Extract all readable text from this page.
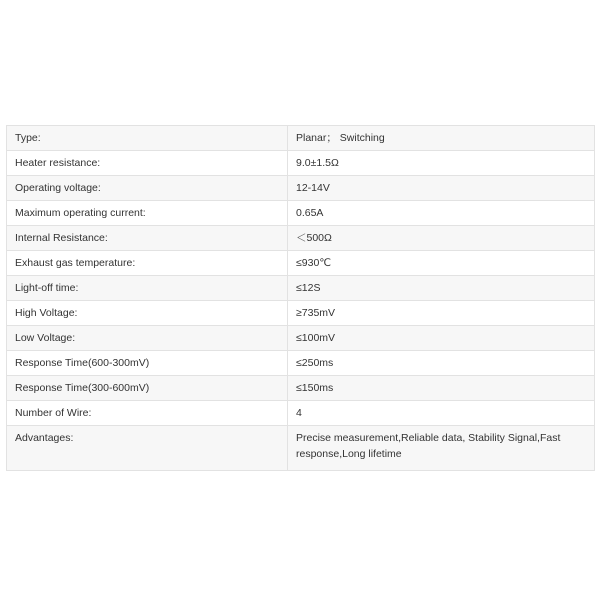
Type:	Planar； Switching
Heater resistance:	9.0±1.5Ω
Operating voltage:	12-14V
Maximum operating current:	0.65A
Internal Resistance:	＜500Ω
Exhaust gas temperature:	≤930℃
Light-off time:	≤12S
High Voltage:	≥735mV
Low Voltage:	≤100mV
Response Time(600-300mV)	≤250ms
Response Time(300-600mV)	≤150ms
Number of Wire:	4
Advantages:	Precise measurement,Reliable data, Stability Signal,Fast response,Long lifetime
